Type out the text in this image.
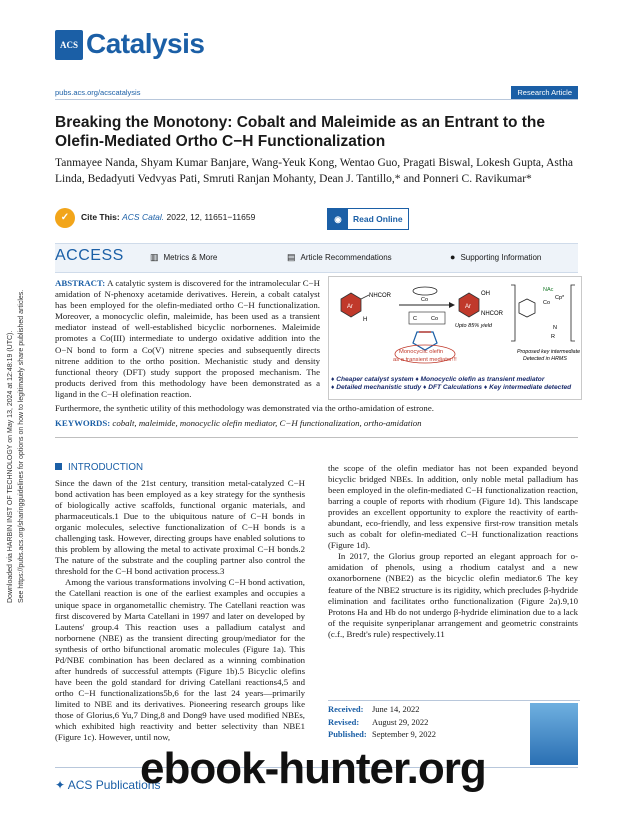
Downloaded via HARBIN INST OF TECHNOLOGY on May 13, 2024 at 12:48:19 (UTC). See https://pubs.acs.org/sharingguidelines for options on how to legitimately share published articles.
ACS Catalysis
pubs.acs.org/acscatalysis	Research Article
Breaking the Monotony: Cobalt and Maleimide as an Entrant to the Olefin-Mediated Ortho C−H Functionalization
Tanmayee Nanda, Shyam Kumar Banjare, Wang-Yeuk Kong, Wentao Guo, Pragati Biswal, Lokesh Gupta, Astha Linda, Bedadyuti Vedvyas Pati, Smruti Ranjan Mohanty, Dean J. Tantillo,* and Ponneri C. Ravikumar*
✓	Cite This: ACS Catal. 2022, 12, 11651−11659	◉ Read Online
ACCESS	▥ Metrics & More	▤ Article Recommendations	● Supporting Information
ABSTRACT: A catalytic system is discovered for the intramolecular C−H amidation of N-phenoxy acetamide derivatives. Herein, a cobalt catalyst has been employed for the olefin-mediated ortho C−H functionalization. Moreover, a monocyclic olefin, maleimide, has been used as a transient mediator instead of well-established bicyclic norbornenes. Maleimide promotes a Co(III) intermediate to undergo oxidative addition into the O−N bond to form a Co(V) nitrene species and subsequently directs nitrene addition to the ortho position. Mechanistic study and density functional theory (DFT) study support the proposed mechanism. The products derived from this methodology have been demonstrated as a ligand in the C−H olefination reaction.
Ar
NHCOR
H
Co
C	Co
Monocyclic olefin
as a transient mediator!!!
Ar
OH
NHCOR
Upto 85% yield
NAc
Cp*
Co
N
R
Proposed key intermediate
Detected in HRMS
♦ Cheaper catalyst system ♦ Monocyclic olefin as transient mediator
♦ Detailed mechanistic study ♦ DFT Calculations ♦ Key intermediate detected
Furthermore, the synthetic utility of this methodology was demonstrated via the ortho-amidation of estrone.
KEYWORDS: cobalt, maleimide, monocyclic olefin mediator, C−H functionalization, ortho-amidation
INTRODUCTION

Since the dawn of the 21st century, transition metal-catalyzed C−H bond activation has been employed as a key strategy for the synthesis of biologically active scaffolds, functional organic materials, and pharmaceuticals.1 Due to the ubiquitous nature of C−H bonds in organic molecules, selective functionalization of C−H bonds is a challenging task. However, directing groups have enabled solutions to this problem by allowing the metal to activate proximal C−H bonds.2 The nature of the substrate and the coupling partner also control the threshold for the C−H bond activation process.3

Among the various transformations involving C−H bond activation, the Catellani reaction is one of the earliest examples and occupies a unique space in organometallic chemistry. The Catellani reaction was first discovered by Marta Catellani in 1997 and later on developed by Lautens' group.4 This reaction uses a palladium catalyst and norbornene (NBE) as the transient directing group/mediator for the synthesis of ortho bifunctional aromatic molecules (Figure 1a). This Pd/NBE combination has been declared as a winning combination after hundreds of successful attempts (Figure 1b).5 Bicyclic olefins have been the gold standard for driving Catellani reactions4,5 and ortho C−H functionalizations5b,6 for the last 24 years—primarily limited to NBE and its derivatives. Pioneering research groups like those of Glorius,6 Yu,7 Ding,8 and Dong9 have used modified NBEs, which exhibited high reactivity and better selectivity than NBE1 (Figure 1c). However, until now,

the scope of the olefin mediator has not been expanded beyond bicyclic bridged NBEs. In addition, only noble metal palladium has been employed in the olefin-mediated C−H functionalization reaction, barring a couple of reports with rhodium (Figure 1d). This landscape provides an excellent opportunity to explore the reactivity of earth-abundant, eco-friendly, and less expensive first-row transition metals such as cobalt for olefin-mediated C−H functionalization reactions (Figure 1d).

In 2017, the Glorius group reported an elegant approach for o-amidation of phenols, using a rhodium catalyst and a new oxanorbornene (NBE2) as the bicyclic olefin mediator.6 The key feature of the NBE2 structure is its rigidity, which precludes β-hydride elimination and facilitates ortho functionalization (Figure 2a).9,10 Protons Ha and Hb do not undergo β-hydride elimination due to a lack of the requisite synperiplanar arrangement and geometric constraints (c.f., Bredt's rule) respectively.11

Received: June 14, 2022
Revised: August 29, 2022
Published: September 9, 2022
✦ ACS Publications
ebook-hunter.org
